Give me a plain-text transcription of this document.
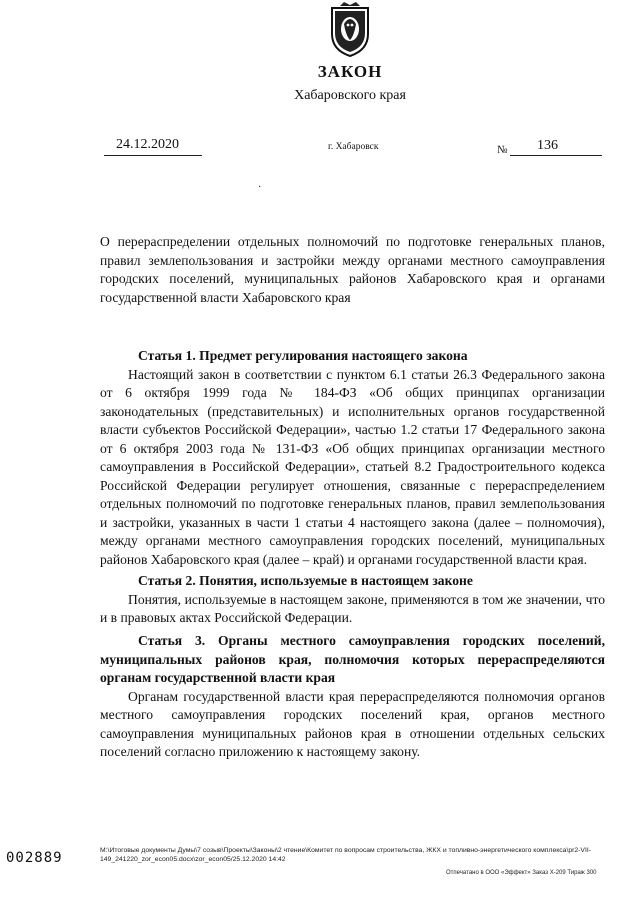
ЗАКОН
Хабаровского края
24.12.2020	г. Хабаровск	№ 136
·
О перераспределении отдельных полномочий по подготовке генеральных планов, правил землепользования и застройки между органами местного самоуправления городских поселений, муниципальных районов Хабаровского края и органами государственной власти Хабаровского края
Статья 1. Предмет регулирования настоящего закона

Настоящий закон в соответствии с пунктом 6.1 статьи 26.3 Федерального закона от 6 октября 1999 года № 184-ФЗ «Об общих принципах организации законодательных (представительных) и исполнительных органов государственной власти субъектов Российской Федерации», частью 1.2 статьи 17 Федерального закона от 6 октября 2003 года № 131-ФЗ «Об общих принципах организации местного самоуправления в Российской Федерации», статьей 8.2 Градостроительного кодекса Российской Федерации регулирует отношения, связанные с перераспределением отдельных полномочий по подготовке генеральных планов, правил землепользования и застройки, указанных в части 1 статьи 4 настоящего закона (далее – полномочия), между органами местного самоуправления городских поселений, муниципальных районов Хабаровского края (далее – край) и органами государственной власти края.

Статья 2. Понятия, используемые в настоящем законе

Понятия, используемые в настоящем законе, применяются в том же значении, что и в правовых актах Российской Федерации.

Статья 3. Органы местного самоуправления городских поселений, муниципальных районов края, полномочия которых перераспределяются органам государственной власти края

Органам государственной власти края перераспределяются полномочия органов местного самоуправления городских поселений края, органов местного самоуправления муниципальных районов края в отношении отдельных сельских поселений согласно приложению к настоящему закону.

002889	M:\Итоговые документы Думы\7 созыв\Проекты\Законы\2 чтение\Комитет по вопросам строительства, ЖКХ и топливно-энергетического комплекса\pr2-VII-149_241220_zor_econ05.docx\zor_econ05/25.12.2020 14:42
Отпечатано в ООО «Эффект» Заказ Х-209 Тираж 300
